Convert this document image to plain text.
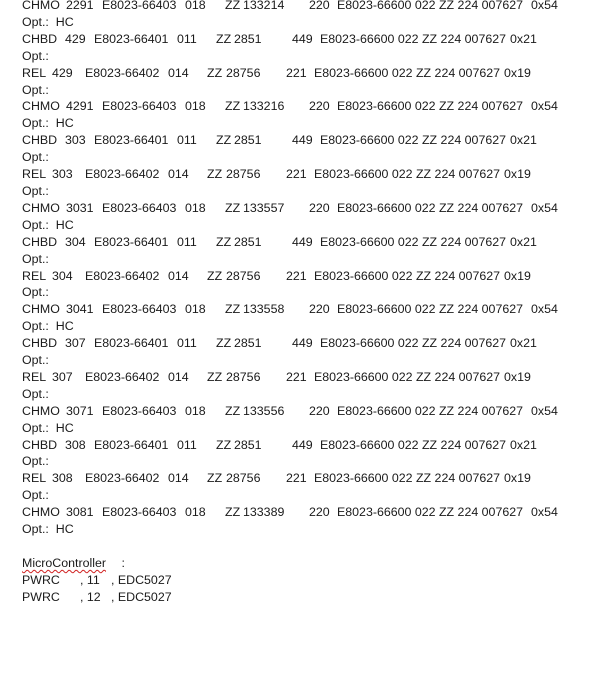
CHMO

2291

E8023-66403

018

ZZ

133214

220

E8023-66600 022 ZZ 224 007627

0x54

Opt.:  HC

CHBD

429

E8023-66401

011

ZZ

2851

449

E8023-66600 022 ZZ 224 007627

0x21

Opt.:

REL

429

E8023-66402

014

ZZ

28756

221

E8023-66600 022 ZZ 224 007627

0x19

Opt.:

CHMO

4291

E8023-66403

018

ZZ

133216

220

E8023-66600 022 ZZ 224 007627

0x54

Opt.:  HC

CHBD

303

E8023-66401

011

ZZ

2851

449

E8023-66600 022 ZZ 224 007627

0x21

Opt.:

REL

303

E8023-66402

014

ZZ

28756

221

E8023-66600 022 ZZ 224 007627

0x19

Opt.:

CHMO

3031

E8023-66403

018

ZZ

133557

220

E8023-66600 022 ZZ 224 007627

0x54

Opt.:  HC

CHBD

304

E8023-66401

011

ZZ

2851

449

E8023-66600 022 ZZ 224 007627

0x21

Opt.:

REL

304

E8023-66402

014

ZZ

28756

221

E8023-66600 022 ZZ 224 007627

0x19

Opt.:

CHMO

3041

E8023-66403

018

ZZ

133558

220

E8023-66600 022 ZZ 224 007627

0x54

Opt.:  HC

CHBD

307

E8023-66401

011

ZZ

2851

449

E8023-66600 022 ZZ 224 007627

0x21

Opt.:

REL

307

E8023-66402

014

ZZ

28756

221

E8023-66600 022 ZZ 224 007627

0x19

Opt.:

CHMO

3071

E8023-66403

018

ZZ

133556

220

E8023-66600 022 ZZ 224 007627

0x54

Opt.:  HC

CHBD

308

E8023-66401

011

ZZ

2851

449

E8023-66600 022 ZZ 224 007627

0x21

Opt.:

REL

308

E8023-66402

014

ZZ

28756

221

E8023-66600 022 ZZ 224 007627

0x19

Opt.:

CHMO

3081

E8023-66403

018

ZZ

133389

220

E8023-66600 022 ZZ 224 007627

0x54

Opt.:  HC

MicroController :

PWRC

, 11

, EDC5027

PWRC

, 12

, EDC5027
